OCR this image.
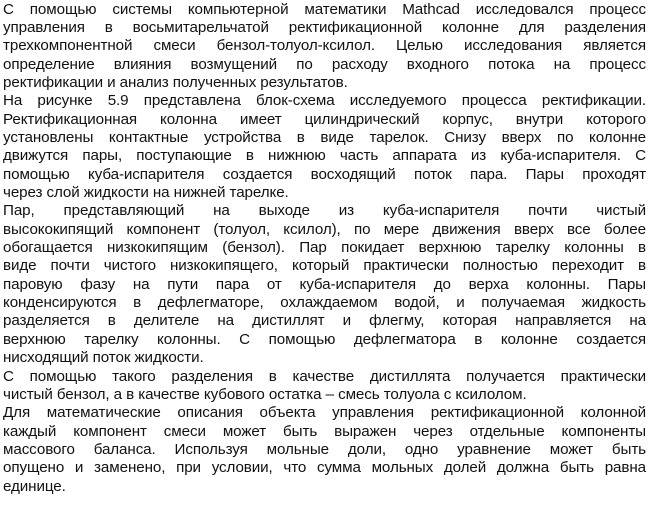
С помощью системы компьютерной математики Mathcad исследовался процесс
управления в восьмитарельчатой ректификационной колонне для разделения
трехкомпонентной смеси бензол-толуол-ксилол. Целью исследования является
определение влияния возмущений по расходу входного потока на процесс
ректификации и анализ полученных результатов.
На рисунке 5.9 представлена блок-схема исследуемого процесса ректификации.
Ректификационная колонна имеет цилиндрический корпус, внутри которого
установлены контактные устройства в виде тарелок. Снизу вверх по колонне
движутся пары, поступающие в нижнюю часть аппарата из куба-испарителя. С
помощью куба-испарителя создается восходящий поток пара. Пары проходят
через слой жидкости на нижней тарелке.
Пар, представляющий на выходе из куба-испарителя почти чистый
высококипящий компонент (толуол, ксилол), по мере движения вверх все более
обогащается низкокипящим (бензол). Пар покидает верхнюю тарелку колонны в
виде почти чистого низкокипящего, который практически полностью переходит в
паровую фазу на пути пара от куба-испарителя до верха колонны. Пары
конденсируются в дефлегматоре, охлаждаемом водой, и получаемая жидкость
разделяется в делителе на дистиллят и флегму, которая направляется на
верхнюю тарелку колонны. С помощью дефлегматора в колонне создается
нисходящий поток жидкости.
С помощью такого разделения в качестве дистиллята получается практически
чистый бензол, а в качестве кубового остатка – смесь толуола с ксилолом.
Для математические описания объекта управления ректификационной колонной
каждый компонент смеси может быть выражен через отдельные компоненты
массового баланса. Используя мольные доли, одно уравнение может быть
опущено и заменено, при условии, что сумма мольных долей должна быть равна
единице.
